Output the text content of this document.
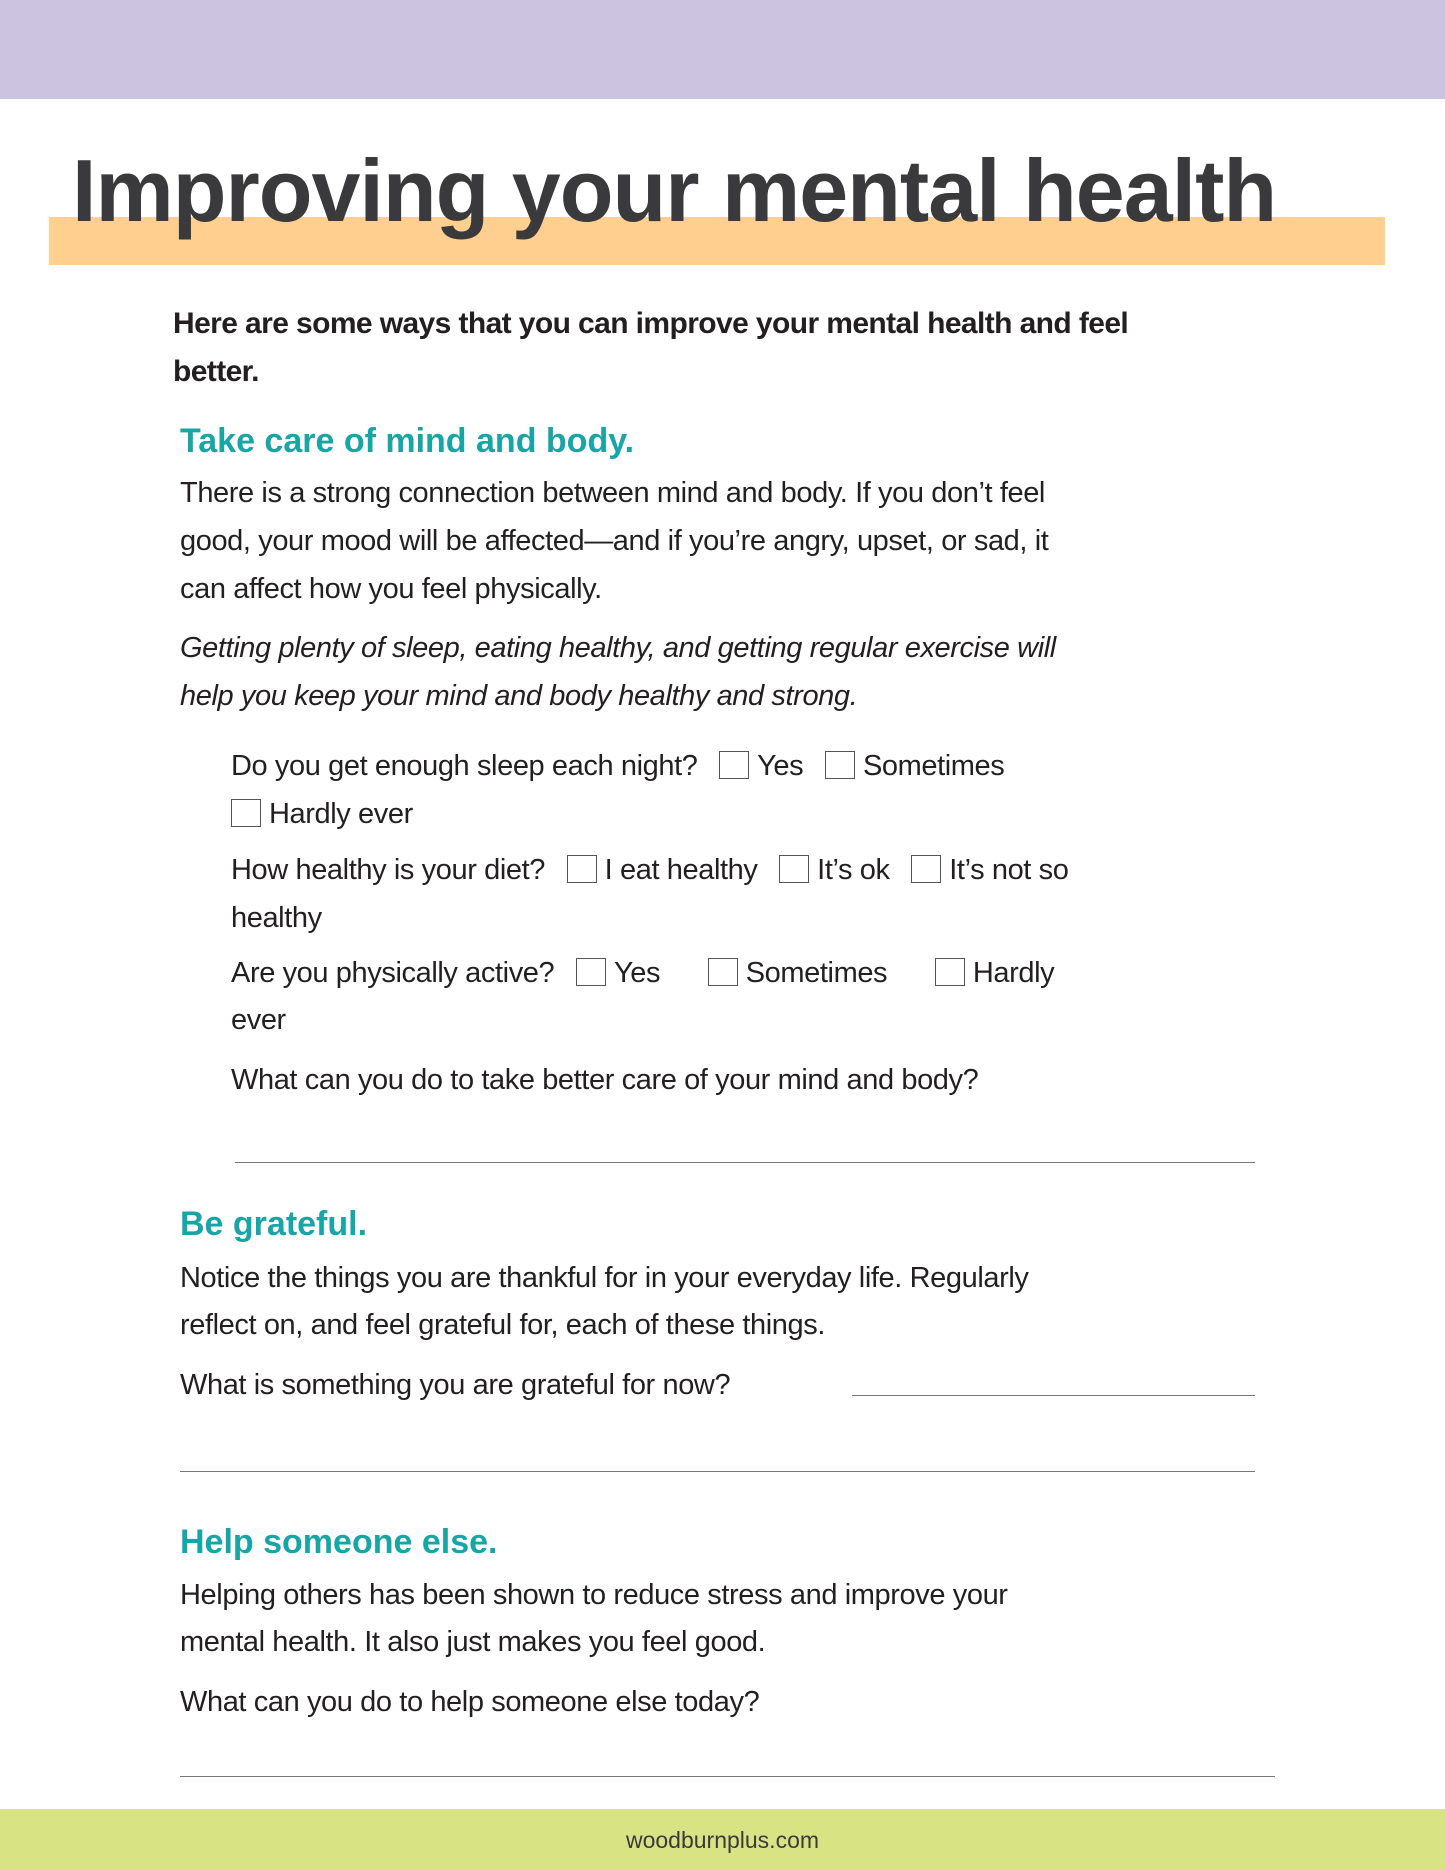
Improving your mental health
Here are some ways that you can improve your mental health and feel
better.
Take care of mind and body.
There is a strong connection between mind and body. If you don’t feel
good, your mood will be affected—and if you’re angry, upset, or sad, it
can affect how you feel physically.
Getting plenty of sleep, eating healthy, and getting regular exercise will
help you keep your mind and body healthy and strong.
Do you get enough sleep each night? Yes Sometimes
Hardly ever
How healthy is your diet? I eat healthy It’s ok It’s not so
healthy
Are you physically active? Yes	Sometimes	Hardly
ever
What can you do to take better care of your mind and body?
Be grateful.
Notice the things you are thankful for in your everyday life. Regularly
reflect on, and feel grateful for, each of these things.
What is something you are grateful for now?
Help someone else.
Helping others has been shown to reduce stress and improve your
mental health. It also just makes you feel good.
What can you do to help someone else today?
woodburnplus.com
